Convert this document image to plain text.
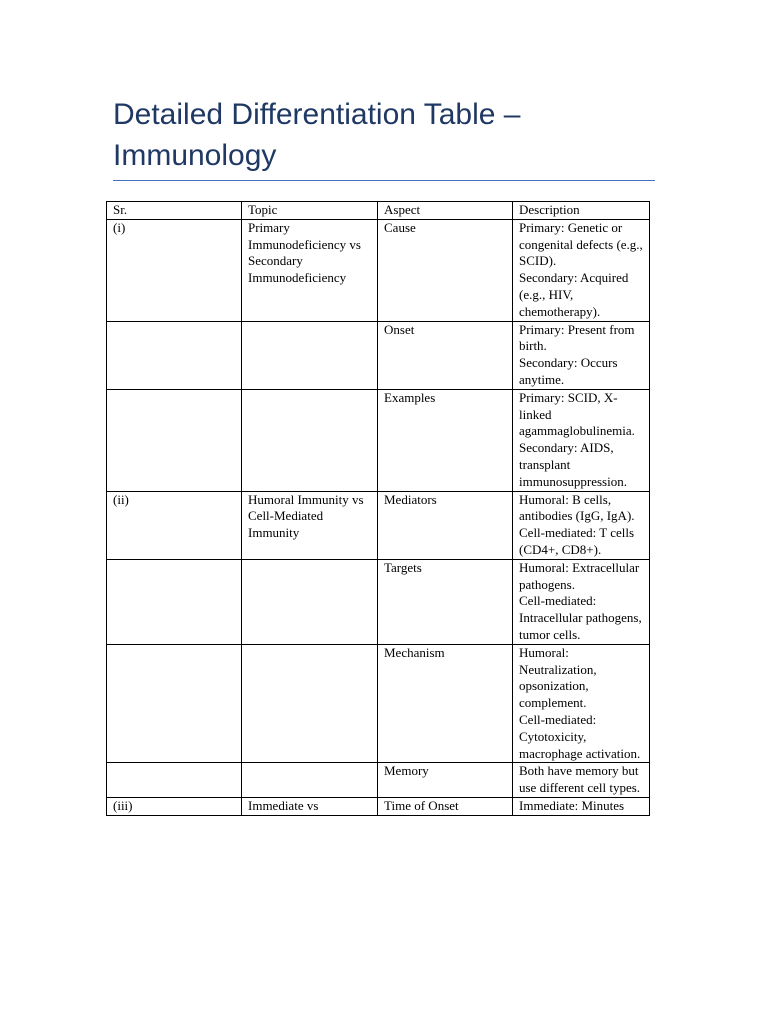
Detailed Differentiation Table – Immunology
Sr.	Topic	Aspect	Description
(i)	Primary Immunodeficiency vs Secondary Immunodeficiency	Cause	Primary: Genetic or congenital defects (e.g., SCID).
Secondary: Acquired (e.g., HIV, chemotherapy).

		Onset	Primary: Present from birth.
Secondary: Occurs anytime.

		Examples	Primary: SCID, X-linked agammaglobulinemia.
Secondary: AIDS, transplant immunosuppression.

(ii)	Humoral Immunity vs Cell-Mediated Immunity	Mediators	Humoral: B cells, antibodies (IgG, IgA).
Cell-mediated: T cells (CD4+, CD8+).

		Targets	Humoral: Extracellular pathogens.
Cell-mediated: Intracellular pathogens, tumor cells.

		Mechanism	Humoral: Neutralization, opsonization, complement.
Cell-mediated: Cytotoxicity, macrophage activation.

		Memory	Both have memory but use different cell types.

(iii)	Immediate vs	Time of Onset	Immediate: Minutes
